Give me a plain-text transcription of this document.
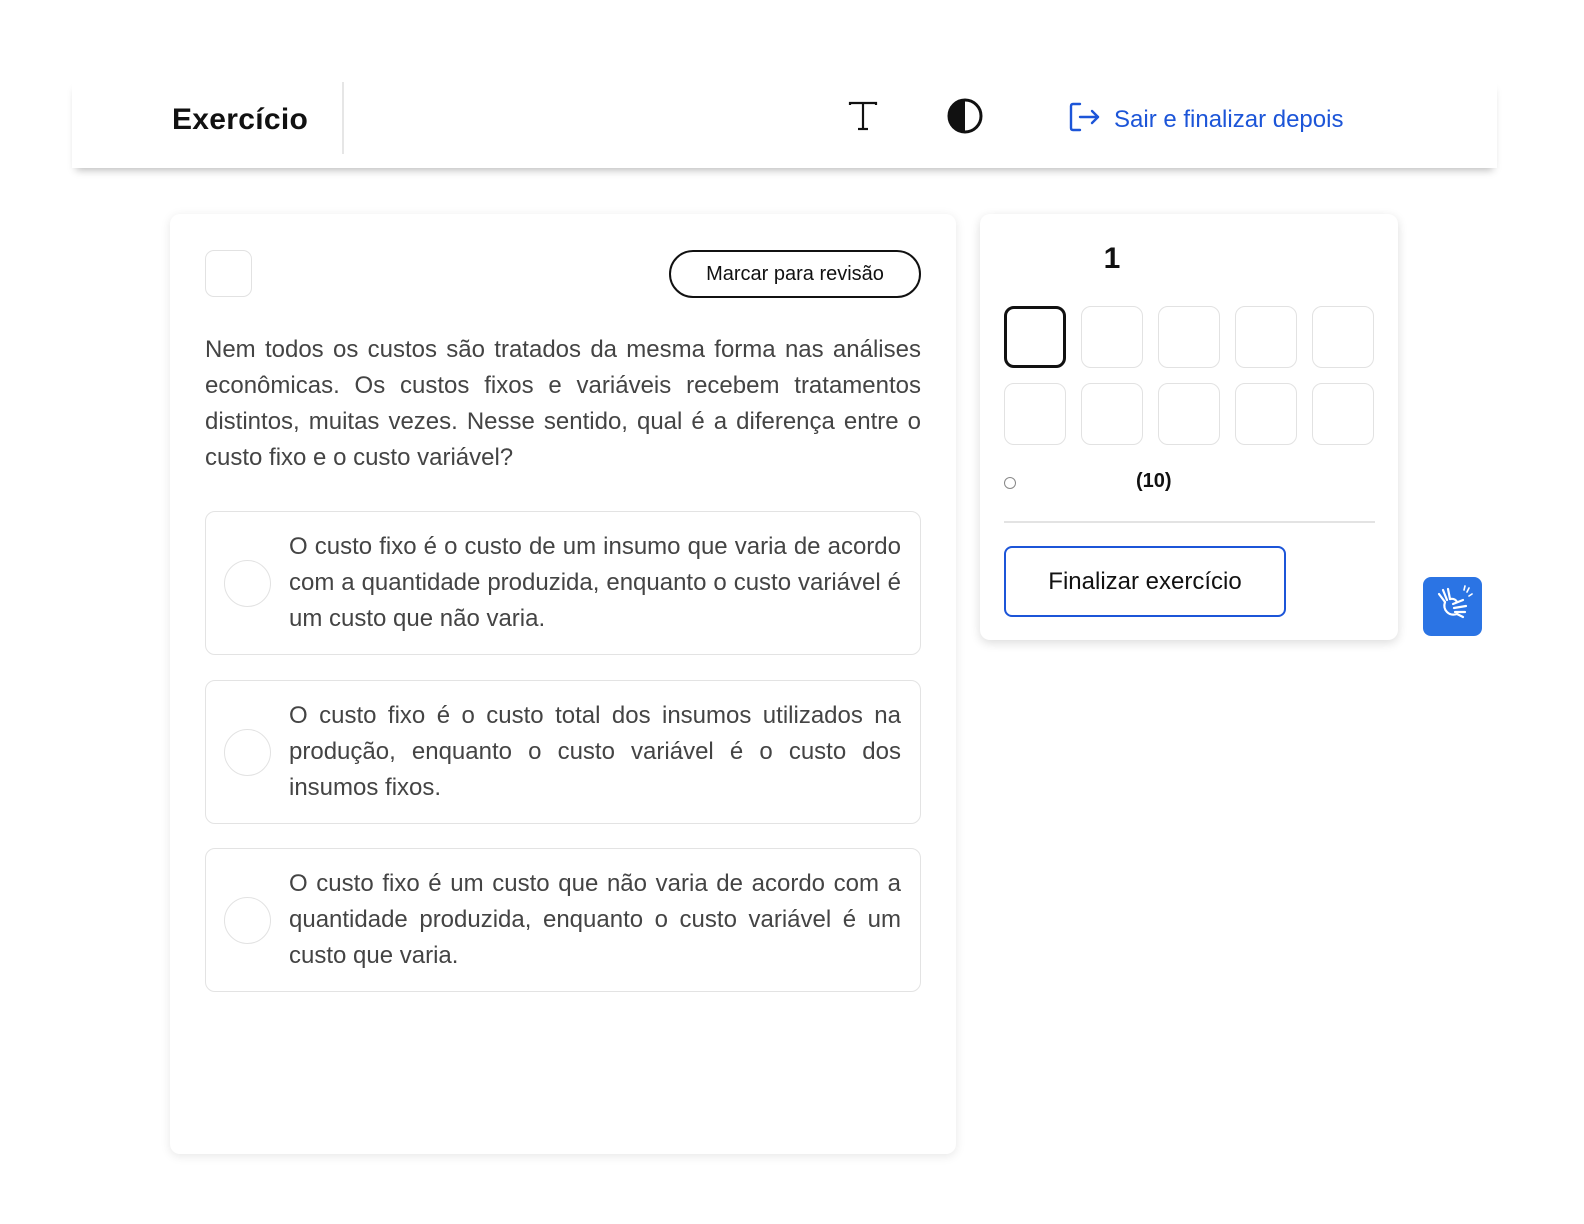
Exercício	Sair e finalizar depois
Marcar para revisão

Nem todos os custos são tratados da mesma forma nas análises econômicas. Os custos fixos e variáveis recebem tratamentos distintos, muitas vezes. Nesse sentido, qual é a diferença entre o custo fixo e o custo variável?

O custo fixo é o custo de um insumo que varia de acordo com a quantidade produzida, enquanto o custo variável é um custo que não varia.

O custo fixo é o custo total dos insumos utilizados na produção, enquanto o custo variável é o custo dos insumos fixos.

O custo fixo é um custo que não varia de acordo com a quantidade produzida, enquanto o custo variável é um custo que varia.

1
(10)
Finalizar exercício
